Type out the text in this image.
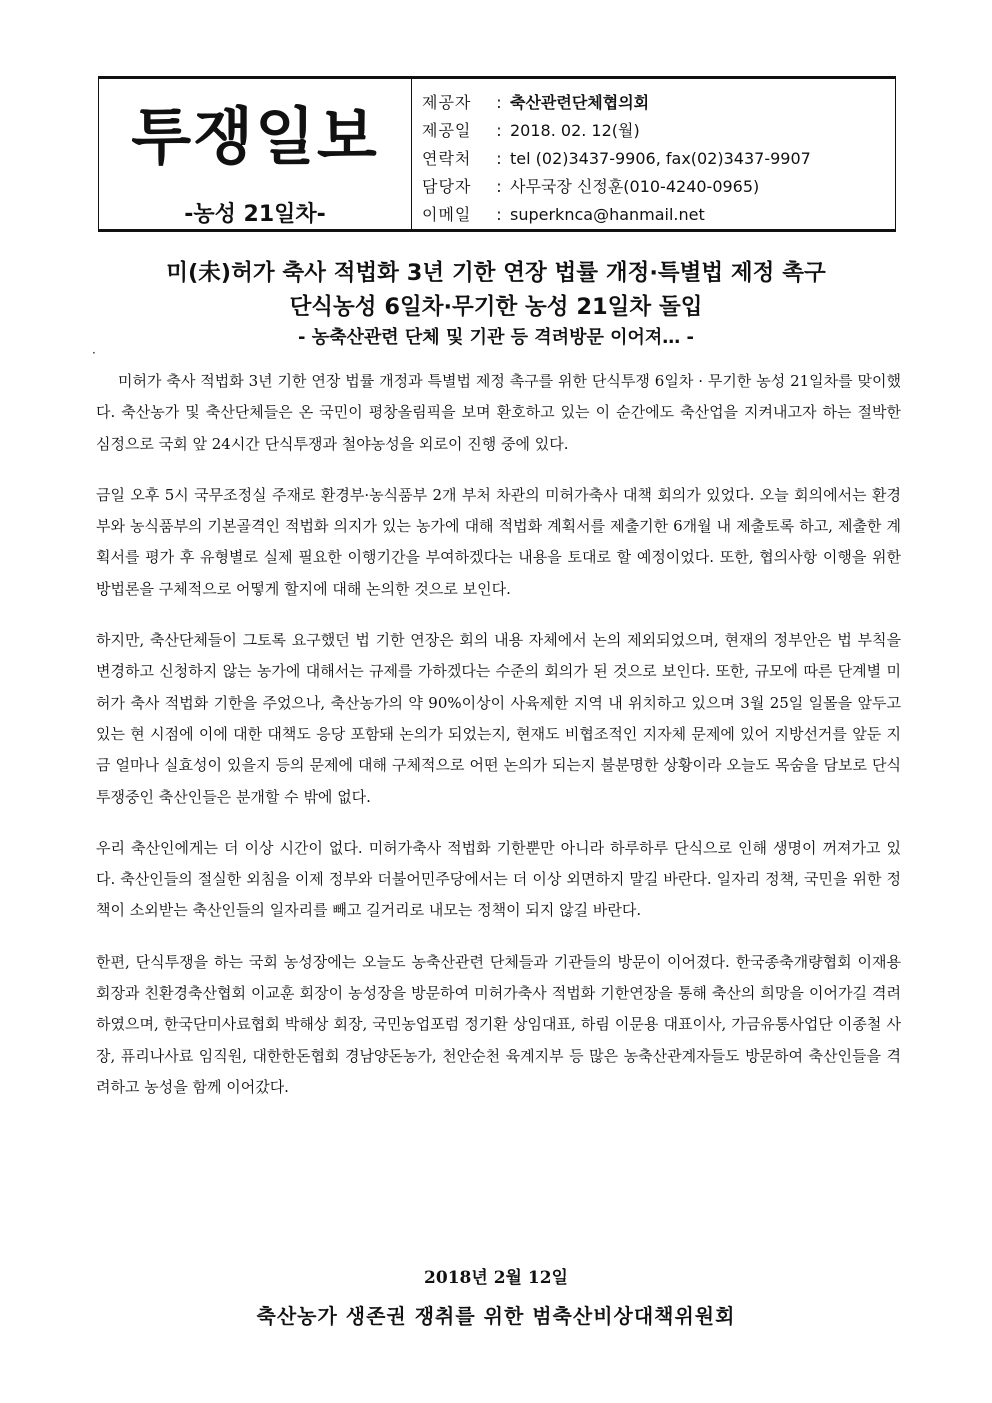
투쟁일보
-농성 21일차-
제공자	: 축산관련단체협의회
제공일	: 2018. 02. 12(월)
연락처	: tel (02)3437-9906, fax(02)3437-9907
담당자	: 사무국장 신정훈(010-4240-0965)
이메일	: superknca@hanmail.net
미(未)허가 축사 적법화 3년 기한 연장 법률 개정·특별법 제정 촉구
단식농성 6일차·무기한 농성 21일차 돌입
- 농축산관련 단체 및 기관 등 격려방문 이어져… -
·

미허가 축사 적법화 3년 기한 연장 법률 개정과 특별법 제정 촉구를 위한 단식투쟁 6일차 · 무기한 농성 21일차를 맞이했다. 축산농가 및 축산단체들은 온 국민이 평창올림픽을 보며 환호하고 있는 이 순간에도 축산업을 지켜내고자 하는 절박한 심정으로 국회 앞 24시간 단식투쟁과 철야농성을 외로이 진행 중에 있다.

금일 오후 5시 국무조정실 주재로 환경부·농식품부 2개 부처 차관의 미허가축사 대책 회의가 있었다. 오늘 회의에서는 환경부와 농식품부의 기본골격인 적법화 의지가 있는 농가에 대해 적법화 계획서를 제출기한 6개월 내 제출토록 하고, 제출한 계획서를 평가 후 유형별로 실제 필요한 이행기간을 부여하겠다는 내용을 토대로 할 예정이었다. 또한, 협의사항 이행을 위한 방법론을 구체적으로 어떻게 할지에 대해 논의한 것으로 보인다.

하지만, 축산단체들이 그토록 요구했던 법 기한 연장은 회의 내용 자체에서 논의 제외되었으며, 현재의 정부안은 법 부칙을 변경하고 신청하지 않는 농가에 대해서는 규제를 가하겠다는 수준의 회의가 된 것으로 보인다. 또한, 규모에 따른 단계별 미허가 축사 적법화 기한을 주었으나, 축산농가의 약 90%이상이 사육제한 지역 내 위치하고 있으며 3월 25일 일몰을 앞두고 있는 현 시점에 이에 대한 대책도 응당 포함돼 논의가 되었는지, 현재도 비협조적인 지자체 문제에 있어 지방선거를 앞둔 지금 얼마나 실효성이 있을지 등의 문제에 대해 구체적으로 어떤 논의가 되는지 불분명한 상황이라 오늘도 목숨을 담보로 단식투쟁중인 축산인들은 분개할 수 밖에 없다.

우리 축산인에게는 더 이상 시간이 없다. 미허가축사 적법화 기한뿐만 아니라 하루하루 단식으로 인해 생명이 꺼져가고 있다. 축산인들의 절실한 외침을 이제 정부와 더불어민주당에서는 더 이상 외면하지 말길 바란다. 일자리 정책, 국민을 위한 정책이 소외받는 축산인들의 일자리를 빼고 길거리로 내모는 정책이 되지 않길 바란다.

한편, 단식투쟁을 하는 국회 농성장에는 오늘도 농축산관련 단체들과 기관들의 방문이 이어졌다. 한국종축개량협회 이재용 회장과 친환경축산협회 이교훈 회장이 농성장을 방문하여 미허가축사 적법화 기한연장을 통해 축산의 희망을 이어가길 격려하였으며, 한국단미사료협회 박해상 회장, 국민농업포럼 정기환 상임대표, 하림 이문용 대표이사, 가금유통사업단 이종철 사장, 퓨리나사료 임직원, 대한한돈협회 경남양돈농가, 천안순천 육계지부 등 많은 농축산관계자들도 방문하여 축산인들을 격려하고 농성을 함께 이어갔다.

2018년 2월 12일
축산농가 생존권 쟁취를 위한 범축산비상대책위원회
